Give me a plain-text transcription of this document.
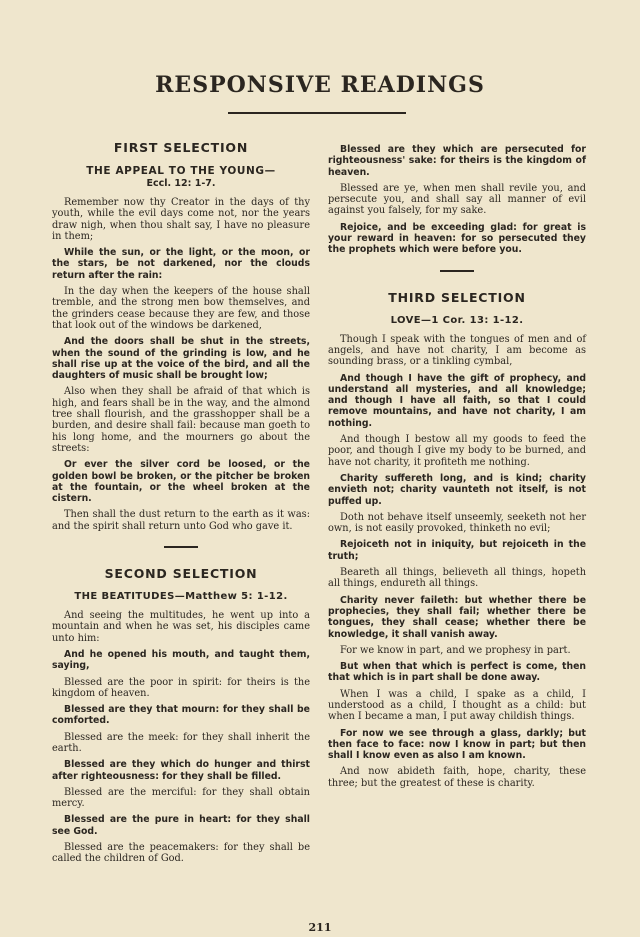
RESPONSIVE READINGS
FIRST SELECTION
THE APPEAL TO THE YOUNG—
Eccl. 12: 1-7.

Remember now thy Creator in the days of thy youth, while the evil days come not, nor the years draw nigh, when thou shalt say, I have no pleasure in them;

While the sun, or the light, or the moon, or the stars, be not darkened, nor the clouds return after the rain:

In the day when the keepers of the house shall tremble, and the strong men bow themselves, and the grinders cease because they are few, and those that look out of the windows be darkened,

And the doors shall be shut in the streets, when the sound of the grinding is low, and he shall rise up at the voice of the bird, and all the daughters of music shall be brought low;

Also when they shall be afraid of that which is high, and fears shall be in the way, and the almond tree shall flourish, and the grasshopper shall be a burden, and desire shall fail: because man goeth to his long home, and the mourners go about the streets:

Or ever the silver cord be loosed, or the golden bowl be broken, or the pitcher be broken at the fountain, or the wheel broken at the cistern.

Then shall the dust return to the earth as it was: and the spirit shall return unto God who gave it.

SECOND SELECTION
THE BEATITUDES—Matthew 5: 1-12.

And seeing the multitudes, he went up into a mountain and when he was set, his disciples came unto him:

And he opened his mouth, and taught them, saying,

Blessed are the poor in spirit: for theirs is the kingdom of heaven.

Blessed are they that mourn: for they shall be comforted.

Blessed are the meek: for they shall inherit the earth.

Blessed are they which do hunger and thirst after righteousness: for they shall be filled.

Blessed are the merciful: for they shall obtain mercy.

Blessed are the pure in heart: for they shall see God.

Blessed are the peacemakers: for they shall be called the children of God.

Blessed are they which are persecuted for righteousness' sake: for theirs is the kingdom of heaven.

Blessed are ye, when men shall revile you, and persecute you, and shall say all manner of evil against you falsely, for my sake.

Rejoice, and be exceeding glad: for great is your reward in heaven: for so persecuted they the prophets which were before you.

THIRD SELECTION
LOVE—1 Cor. 13: 1-12.

Though I speak with the tongues of men and of angels, and have not charity, I am become as sounding brass, or a tinkling cymbal,

And though I have the gift of prophecy, and understand all mysteries, and all knowledge; and though I have all faith, so that I could remove mountains, and have not charity, I am nothing.

And though I bestow all my goods to feed the poor, and though I give my body to be burned, and have not charity, it profiteth me nothing.

Charity suffereth long, and is kind; charity envieth not; charity vaunteth not itself, is not puffed up.

Doth not behave itself unseemly, seeketh not her own, is not easily provoked, thinketh no evil;

Rejoiceth not in iniquity, but rejoiceth in the truth;

Beareth all things, believeth all things, hopeth all things, endureth all things.

Charity never faileth: but whether there be prophecies, they shall fail; whether there be tongues, they shall cease; whether there be knowledge, it shall vanish away.

For we know in part, and we prophesy in part.

But when that which is perfect is come, then that which is in part shall be done away.

When I was a child, I spake as a child, I understood as a child, I thought as a child: but when I became a man, I put away childish things.

For now we see through a glass, darkly; but then face to face: now I know in part; but then shall I know even as also I am known.

And now abideth faith, hope, charity, these three; but the greatest of these is charity.

211
